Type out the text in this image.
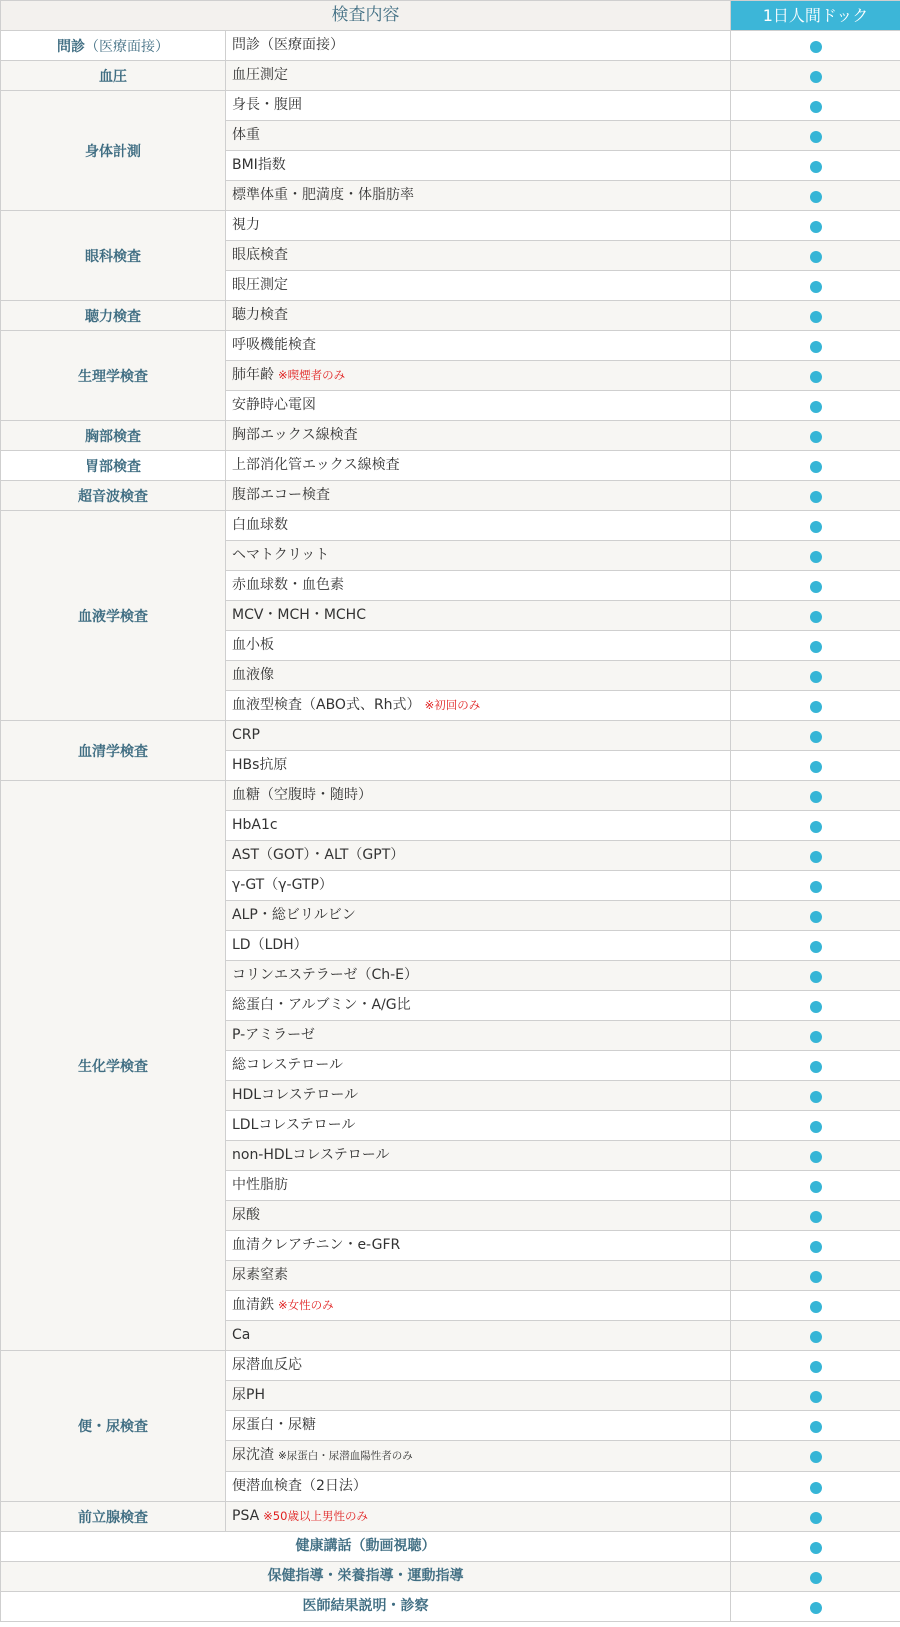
検査内容		1日人間ドック
問診（医療面接）	問診（医療面接）	
血圧	血圧測定	
身体計測	身長・腹囲	
	体重	
	BMI指数	
	標準体重・肥満度・体脂肪率	
眼科検査	視力	
	眼底検査	
	眼圧測定	
聴力検査	聴力検査	
生理学検査	呼吸機能検査	
	肺年齢 ※喫煙者のみ	
	安静時心電図	
胸部検査	胸部エックス線検査	
胃部検査	上部消化管エックス線検査	
超音波検査	腹部エコー検査	
血液学検査	白血球数	
	ヘマトクリット	
	赤血球数・血色素	
	MCV・MCH・MCHC	
	血小板	
	血液像	
	血液型検査（ABO式、Rh式） ※初回のみ	
血清学検査	CRP	
	HBs抗原	
生化学検査	血糖（空腹時・随時）	
	HbA1c	
	AST（GOT）・ALT（GPT）	
	γ-GT（γ-GTP）	
	ALP・総ビリルビン	
	LD（LDH）	
	コリンエステラーゼ（Ch-E）	
	総蛋白・アルブミン・A/G比	
	P-アミラーゼ	
	総コレステロール	
	HDLコレステロール	
	LDLコレステロール	
	non-HDLコレステロール	
	中性脂肪	
	尿酸	
	血清クレアチニン・e-GFR	
	尿素窒素	
	血清鉄 ※女性のみ	
	Ca	
便・尿検査	尿潜血反応	
	尿PH	
	尿蛋白・尿糖	
	尿沈渣 ※尿蛋白・尿潜血陽性者のみ	
	便潜血検査（2日法）	
前立腺検査	PSA ※50歳以上男性のみ	
健康講話（動画視聴）		
保健指導・栄養指導・運動指導		
医師結果説明・診察		
